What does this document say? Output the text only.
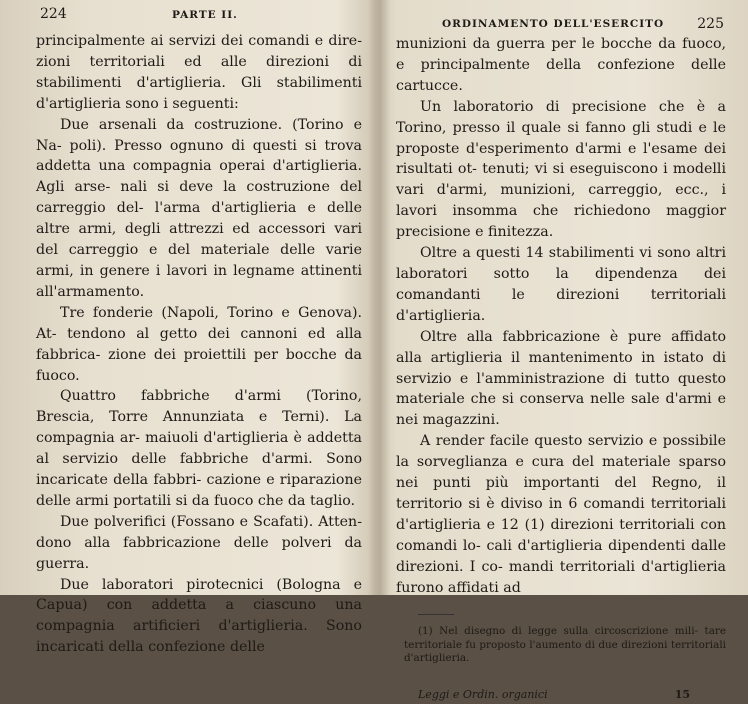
224	PARTE II.

principalmente ai servizi dei comandi e dire- zioni territoriali ed alle direzioni di stabilimenti d'artiglieria. Gli stabilimenti d'artiglieria sono i seguenti:

Due arsenali da costruzione. (Torino e Na- poli). Presso ognuno di questi si trova addetta una compagnia operai d'artiglieria. Agli arse- nali si deve la costruzione del carreggio del- l'arma d'artiglieria e delle altre armi, degli attrezzi ed accessori vari del carreggio e del materiale delle varie armi, in genere i lavori in legname attinenti all'armamento.

Tre fonderie (Napoli, Torino e Genova). At- tendono al getto dei cannoni ed alla fabbrica- zione dei proiettili per bocche da fuoco.

Quattro fabbriche d'armi (Torino, Brescia, Torre Annunziata e Terni). La compagnia ar- maiuoli d'artiglieria è addetta al servizio delle fabbriche d'armi. Sono incaricate della fabbri- cazione e riparazione delle armi portatili si da fuoco che da taglio.

Due polverifici (Fossano e Scafati). Atten- dono alla fabbricazione delle polveri da guerra.

Due laboratori pirotecnici (Bologna e Capua) con addetta a ciascuno una compagnia artificieri d'artiglieria. Sono incaricati della confezione delle

ORDINAMENTO DELL'ESERCITO 225

munizioni da guerra per le bocche da fuoco, e principalmente della confezione delle cartucce.

Un laboratorio di precisione che è a Torino, presso il quale si fanno gli studi e le proposte d'esperimento d'armi e l'esame dei risultati ot- tenuti; vi si eseguiscono i modelli vari d'armi, munizioni, carreggio, ecc., i lavori insomma che richiedono maggior precisione e finitezza.

Oltre a questi 14 stabilimenti vi sono altri laboratori sotto la dipendenza dei comandanti le direzioni territoriali d'artiglieria.

Oltre alla fabbricazione è pure affidato alla artiglieria il mantenimento in istato di servizio e l'amministrazione di tutto questo materiale che si conserva nelle sale d'armi e nei magazzini.

A render facile questo servizio e possibile la sorveglianza e cura del materiale sparso nei punti più importanti del Regno, il territorio si è diviso in 6 comandi territoriali d'artiglieria e 12 (1) direzioni territoriali con comandi lo- cali d'artiglieria dipendenti dalle direzioni. I co- mandi territoriali d'artiglieria furono affidati ad

(1) Nel disegno di legge sulla circoscrizione mili- tare territoriale fu proposto l'aumento di due direzioni territoriali d'artiglieria.

Leggi e Ordin. organici	15
